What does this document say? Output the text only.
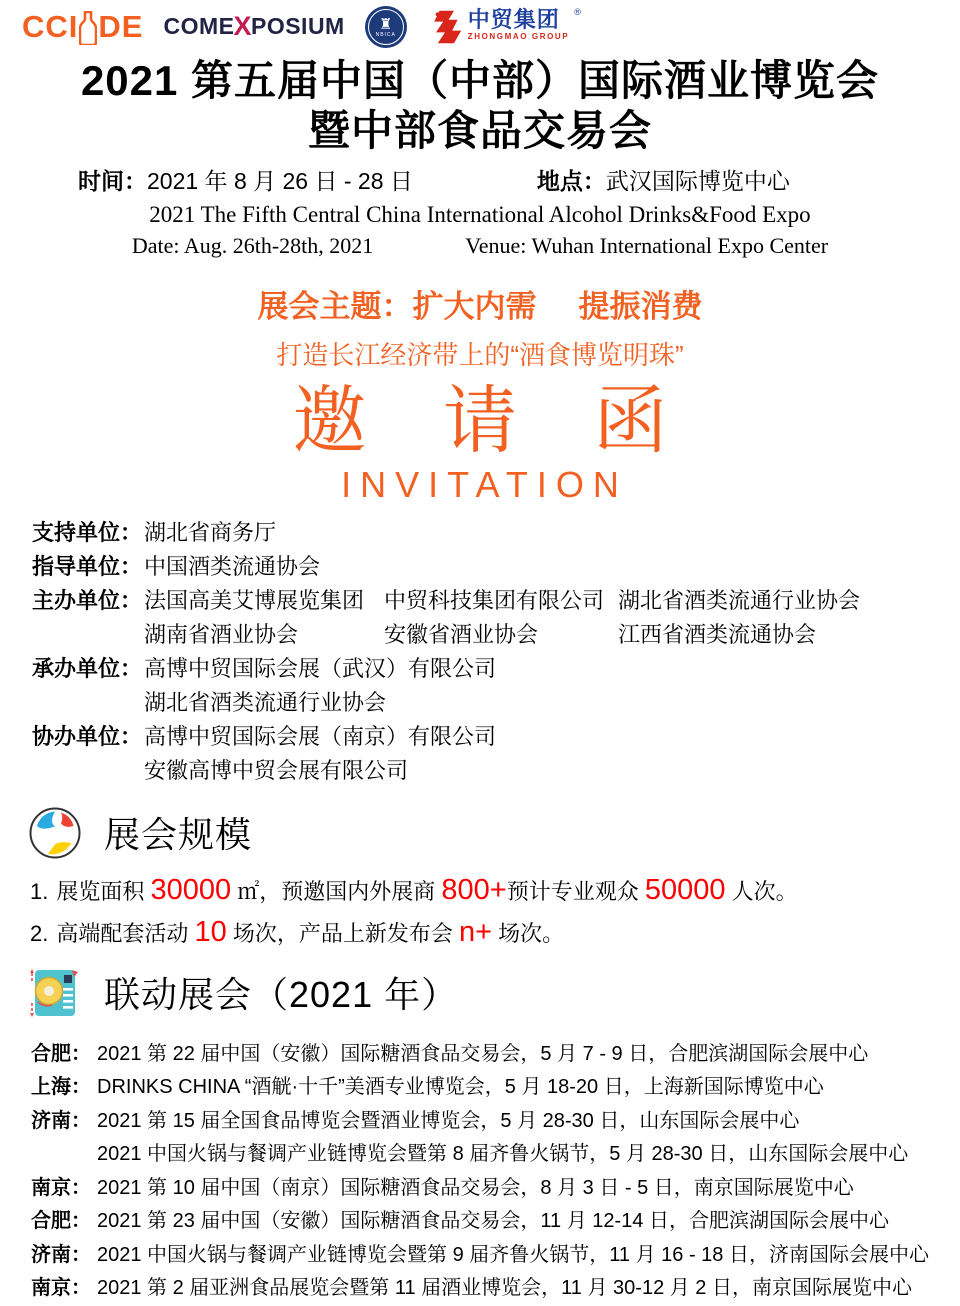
CCI DE COME X POSIUM ♜
NBICA
中贸集团
ZHONGMAO GROUP
®
2021 第五届中国（中部）国际酒业博览会
暨中部食品交易会
时间： 2021 年 8 月 26 日 - 28 日	地点： 武汉国际博览中心
2021 The Fifth Central China International Alcohol Drinks&Food Expo
Date: Aug. 26th-28th, 2021	Venue: Wuhan International Expo Center
展会主题：扩大内需 提振消费
打造长江经济带上的“酒食博览明珠”
邀 请 函
INVITATION
支持单位： 湖北省商务厅
指导单位： 中国酒类流通协会
主办单位： 法国高美艾博展览集团 中贸科技集团有限公司 湖北省酒类流通行业协会
湖南省酒业协会	安徽省酒业协会	江西省酒类流通协会
承办单位： 高博中贸国际会展（武汉）有限公司
湖北省酒类流通行业协会
协办单位： 高博中贸国际会展（南京）有限公司
安徽高博中贸会展有限公司
展会规模
1. 展览面积 30000 ㎡，预邀国内外展商 800+预计专业观众 50000 人次。
2. 高端配套活动 10 场次，产品上新发布会 n+ 场次。
联动展会（2021 年）
合肥： 2021 第 22 届中国（安徽）国际糖酒食品交易会，5 月 7 - 9 日，合肥滨湖国际会展中心
上海： DRINKS CHINA “酒觥·十千”美酒专业博览会，5 月 18-20 日，上海新国际博览中心
济南： 2021 第 15 届全国食品博览会暨酒业博览会，5 月 28-30 日，山东国际会展中心
2021 中国火锅与餐调产业链博览会暨第 8 届齐鲁火锅节，5 月 28-30 日，山东国际会展中心
南京： 2021 第 10 届中国（南京）国际糖酒食品交易会，8 月 3 日 - 5 日，南京国际展览中心
合肥： 2021 第 23 届中国（安徽）国际糖酒食品交易会，11 月 12-14 日，合肥滨湖国际会展中心
济南： 2021 中国火锅与餐调产业链博览会暨第 9 届齐鲁火锅节，11 月 16 - 18 日，济南国际会展中心
南京： 2021 第 2 届亚洲食品展览会暨第 11 届酒业博览会，11 月 30-12 月 2 日，南京国际展览中心
